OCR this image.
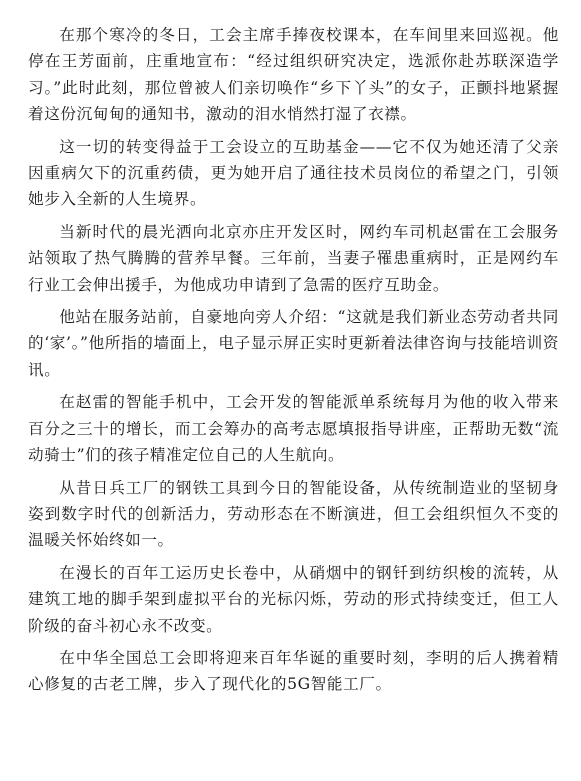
在那个寒冷的冬日，工会主席手捧夜校课本，在车间里来回巡视。他停在王芳面前，庄重地宣布：“经过组织研究决定，选派你赴苏联深造学习。”此时此刻，那位曾被人们亲切唤作“乡下丫头”的女子，正颤抖地紧握着这份沉甸甸的通知书，激动的泪水悄然打湿了衣襟。

这一切的转变得益于工会设立的互助基金——它不仅为她还清了父亲因重病欠下的沉重药债，更为她开启了通往技术员岗位的希望之门，引领她步入全新的人生境界。

当新时代的晨光洒向北京亦庄开发区时，网约车司机赵雷在工会服务站领取了热气腾腾的营养早餐。三年前，当妻子罹患重病时，正是网约车行业工会伸出援手，为他成功申请到了急需的医疗互助金。

他站在服务站前，自豪地向旁人介绍：“这就是我们新业态劳动者共同的‘家’。”他所指的墙面上，电子显示屏正实时更新着法律咨询与技能培训资讯。

在赵雷的智能手机中，工会开发的智能派单系统每月为他的收入带来百分之三十的增长，而工会筹办的高考志愿填报指导讲座，正帮助无数“流动骑士”们的孩子精准定位自己的人生航向。

从昔日兵工厂的钢铁工具到今日的智能设备，从传统制造业的坚韧身姿到数字时代的创新活力，劳动形态在不断演进，但工会组织恒久不变的温暖关怀始终如一。

在漫长的百年工运历史长卷中，从硝烟中的钢钎到纺织梭的流转，从建筑工地的脚手架到虚拟平台的光标闪烁，劳动的形式持续变迁，但工人阶级的奋斗初心永不改变。

在中华全国总工会即将迎来百年华诞的重要时刻，李明的后人携着精心修复的古老工牌，步入了现代化的5G智能工厂。
